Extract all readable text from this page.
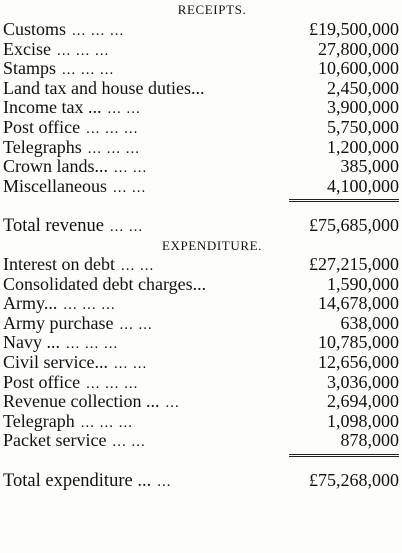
RECEIPTS.
Customs ... ... ...	£19,500,000
Excise ... ... ...	27,800,000
Stamps ... ... ...	10,600,000
Land tax and house duties...	2,450,000
Income tax ... ... ...	3,900,000
Post office ... ... ...	5,750,000
Telegraphs ... ... ...	1,200,000
Crown lands... ... ...	385,000
Miscellaneous ... ...	4,100,000
Total revenue ... ...	£75,685,000
EXPENDITURE.
Interest on debt ... ...	£27,215,000
Consolidated debt charges...	1,590,000
Army... ... ... ...	14,678,000
Army purchase ... ...	638,000
Navy ... ... ... ...	10,785,000
Civil service... ... ...	12,656,000
Post office ... ... ...	3,036,000
Revenue collection ... ...	2,694,000
Telegraph ... ... ...	1,098,000
Packet service ... ...	878,000
Total expenditure ... ...	£75,268,000
